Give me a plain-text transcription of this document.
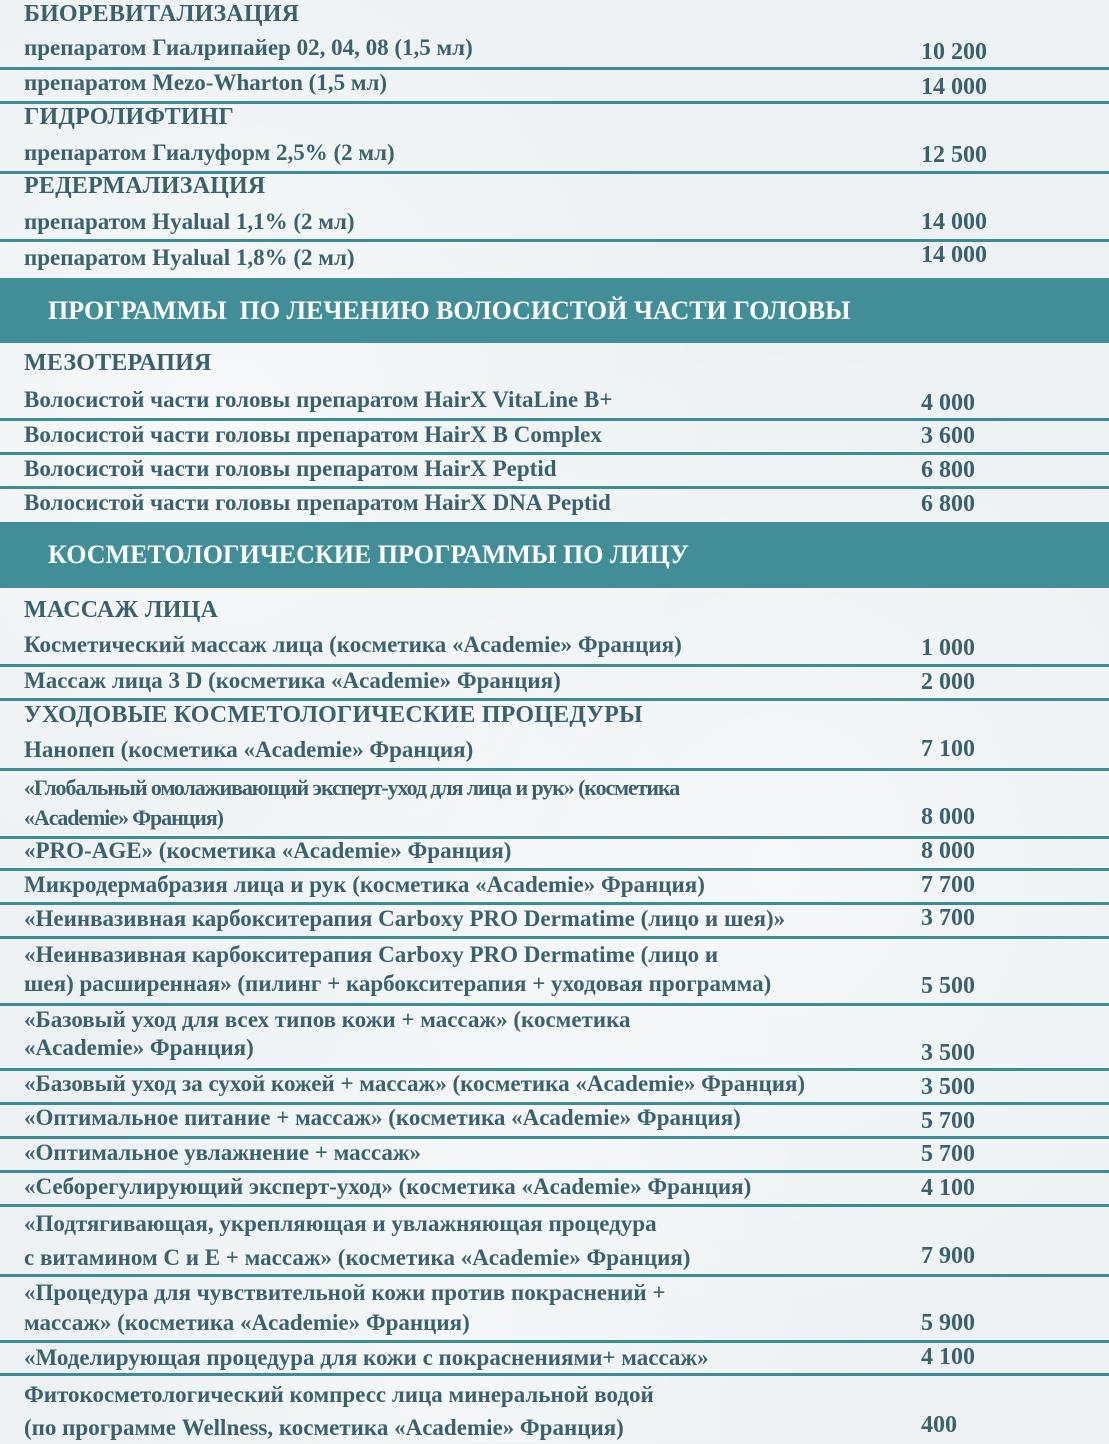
БИОРЕВИТАЛИЗАЦИЯ
препаратом Гиалрипайер 02, 04, 08 (1,5 мл)	10 200
препаратом Mezo-Wharton (1,5 мл)	14 000
ГИДРОЛИФТИНГ
препаратом Гиалуформ 2,5% (2 мл)	12 500
РЕДЕРМАЛИЗАЦИЯ
препаратом Hyalual 1,1% (2 мл)	14 000
препаратом Hyalual 1,8% (2 мл)	14 000
ПРОГРАММЫ  ПО ЛЕЧЕНИЮ ВОЛОСИСТОЙ ЧАСТИ ГОЛОВЫ
МЕЗОТЕРАПИЯ
Волосистой части головы препаратом HairX VitaLine B+	4 000
Волосистой части головы препаратом HairX B Complex	3 600
Волосистой части головы препаратом HairX Peptid	6 800
Волосистой части головы препаратом HairX DNA Peptid	6 800
КОСМЕТОЛОГИЧЕСКИЕ ПРОГРАММЫ ПО ЛИЦУ
МАССАЖ ЛИЦА
Косметический массаж лица (косметика «Academie» Франция)	1 000
Массаж лица 3 D (косметика «Academie» Франция)	2 000
УХОДОВЫЕ КОСМЕТОЛОГИЧЕСКИЕ ПРОЦЕДУРЫ
Нанопеп (косметика «Academie» Франция)	7 100
«Глобальный омолаживающий эксперт-уход для лица и рук» (косметика
«Academie» Франция)	8 000
«PRO-AGE» (косметика «Academie» Франция)	8 000
Микродермабразия лица и рук (косметика «Academie» Франция)	7 700
«Неинвазивная карбокситерапия Carboxy PRO Dermatime (лицо и шея)»	3 700
«Неинвазивная карбокситерапия Carboxy PRO Dermatime (лицо и
шея) расширенная» (пилинг + карбокситерапия + уходовая программа)	5 500
«Базовый уход для всех типов кожи + массаж» (косметика
«Academie» Франция)	3 500
«Базовый уход за сухой кожей + массаж» (косметика «Academie» Франция)	3 500
«Оптимальное питание + массаж» (косметика «Academie» Франция)	5 700
«Оптимальное увлажнение + массаж»	5 700
«Себорегулирующий эксперт-уход» (косметика «Academie» Франция)	4 100
«Подтягивающая, укрепляющая и увлажняющая процедура
с витамином С и Е + массаж» (косметика «Academie» Франция)	7 900
«Процедура для чувствительной кожи против покраснений +
массаж» (косметика «Academie» Франция)	5 900
«Моделирующая процедура для кожи с покраснениями+ массаж»	4 100
Фитокосметологический компресс лица минеральной водой
(по программе Wellness, косметика «Academie» Франция)	400
